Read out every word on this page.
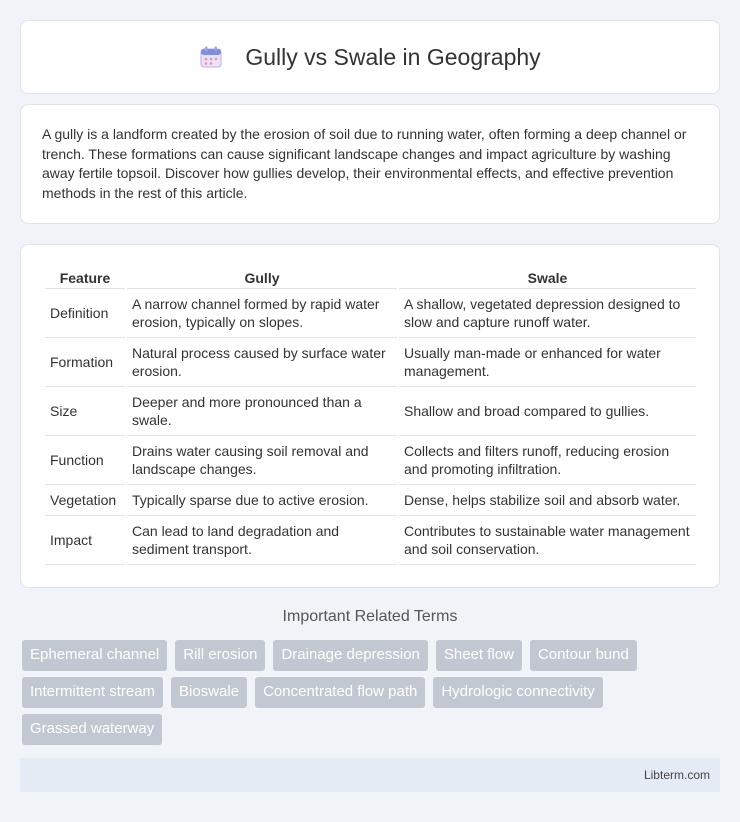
Gully vs Swale in Geography

A gully is a landform created by the erosion of soil due to running water, often forming a deep channel or trench. These formations can cause significant landscape changes and impact agriculture by washing away fertile topsoil. Discover how gullies develop, their environmental effects, and effective prevention methods in the rest of this article.

Feature	Gully	Swale
Definition	A narrow channel formed by rapid water erosion, typically on slopes.	A shallow, vegetated depression designed to slow and capture runoff water.
Formation	Natural process caused by surface water erosion.	Usually man-made or enhanced for water management.
Size	Deeper and more pronounced than a swale.	Shallow and broad compared to gullies.
Function	Drains water causing soil removal and landscape changes.	Collects and filters runoff, reducing erosion and promoting infiltration.
Vegetation	Typically sparse due to active erosion.	Dense, helps stabilize soil and absorb water.
Impact	Can lead to land degradation and sediment transport.	Contributes to sustainable water management and soil conservation.
Important Related Terms
Ephemeral channel	Rill erosion	Drainage depression	Sheet flow	Contour bund
Intermittent stream	Bioswale	Concentrated flow path	Hydrologic connectivity
Grassed waterway
Libterm.com
